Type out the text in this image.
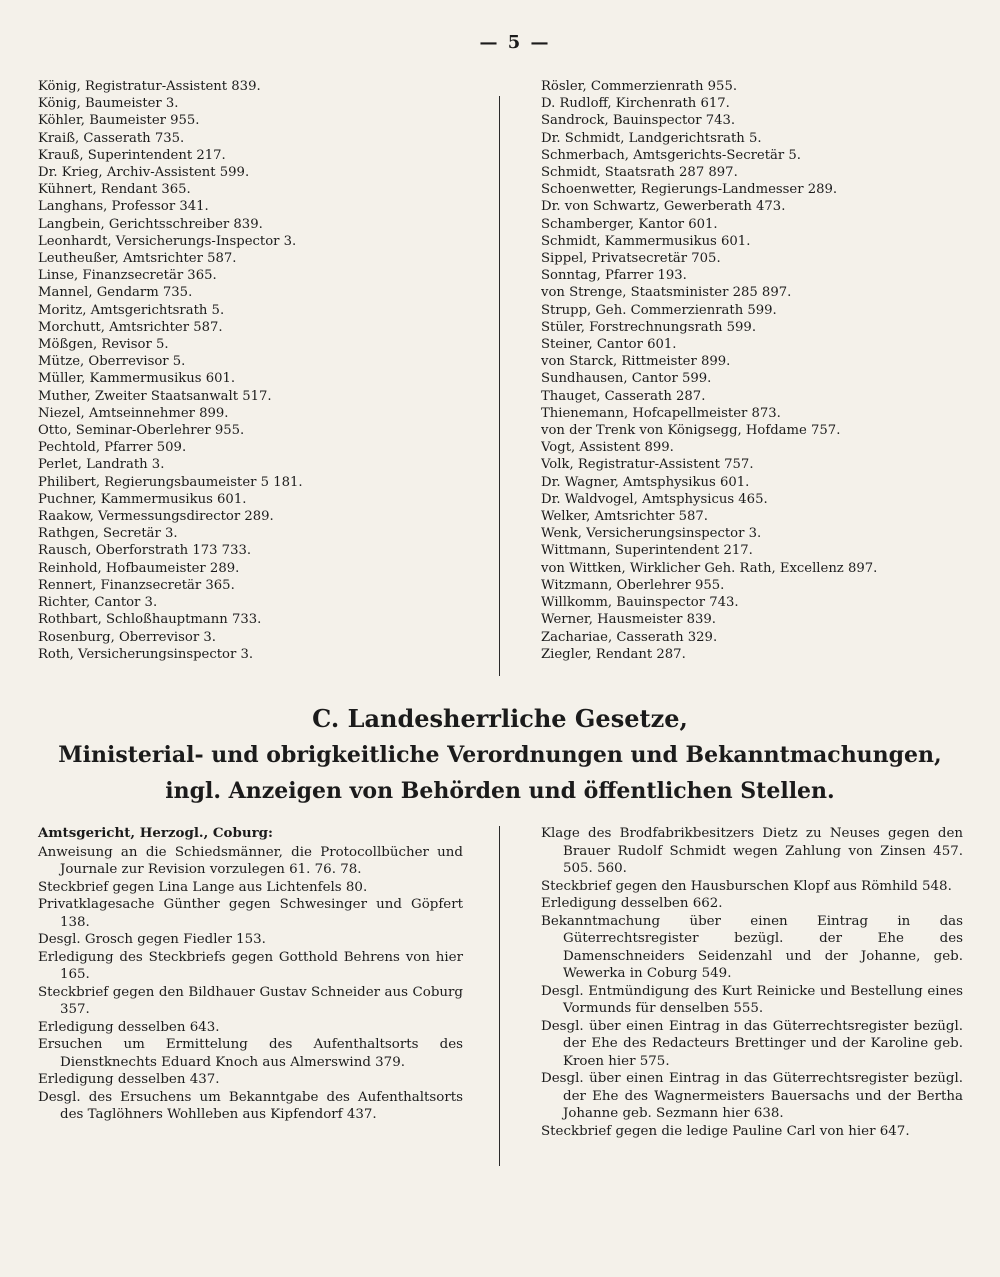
— 5 —
König, Registratur-Assistent 839.
König, Baumeister 3.
Köhler, Baumeister 955.
Kraiß, Casserath 735.
Krauß, Superintendent 217.
Dr. Krieg, Archiv-Assistent 599.
Kühnert, Rendant 365.
Langhans, Professor 341.
Langbein, Gerichtsschreiber 839.
Leonhardt, Versicherungs-Inspector 3.
Leutheußer, Amtsrichter 587.
Linse, Finanzsecretär 365.
Mannel, Gendarm 735.
Moritz, Amtsgerichtsrath 5.
Morchutt, Amtsrichter 587.
Mößgen, Revisor 5.
Mütze, Oberrevisor 5.
Müller, Kammermusikus 601.
Muther, Zweiter Staatsanwalt 517.
Niezel, Amtseinnehmer 899.
Otto, Seminar-Oberlehrer 955.
Pechtold, Pfarrer 509.
Perlet, Landrath 3.
Philibert, Regierungsbaumeister 5 181.
Puchner, Kammermusikus 601.
Raakow, Vermessungsdirector 289.
Rathgen, Secretär 3.
Rausch, Oberforstrath 173 733.
Reinhold, Hofbaumeister 289.
Rennert, Finanzsecretär 365.
Richter, Cantor 3.
Rothbart, Schloßhauptmann 733.
Rosenburg, Oberrevisor 3.
Roth, Versicherungsinspector 3.
Rösler, Commerzienrath 955.
D. Rudloff, Kirchenrath 617.
Sandrock, Bauinspector 743.
Dr. Schmidt, Landgerichtsrath 5.
Schmerbach, Amtsgerichts-Secretär 5.
Schmidt, Staatsrath 287 897.
Schoenwetter, Regierungs-Landmesser 289.
Dr. von Schwartz, Gewerberath 473.
Schamberger, Kantor 601.
Schmidt, Kammermusikus 601.
Sippel, Privatsecretär 705.
Sonntag, Pfarrer 193.
von Strenge, Staatsminister 285 897.
Strupp, Geh. Commerzienrath 599.
Stüler, Forstrechnungsrath 599.
Steiner, Cantor 601.
von Starck, Rittmeister 899.
Sundhausen, Cantor 599.
Thauget, Casserath 287.
Thienemann, Hofcapellmeister 873.
von der Trenk von Königsegg, Hofdame 757.
Vogt, Assistent 899.
Volk, Registratur-Assistent 757.
Dr. Wagner, Amtsphysikus 601.
Dr. Waldvogel, Amtsphysicus 465.
Welker, Amtsrichter 587.
Wenk, Versicherungsinspector 3.
Wittmann, Superintendent 217.
von Wittken, Wirklicher Geh. Rath, Excellenz 897.
Witzmann, Oberlehrer 955.
Willkomm, Bauinspector 743.
Werner, Hausmeister 839.
Zachariae, Casserath 329.
Ziegler, Rendant 287.
C. Landesherrliche Gesetze,
Ministerial- und obrigkeitliche Verordnungen und Bekanntmachungen,
ingl. Anzeigen von Behörden und öffentlichen Stellen.
Amtsgericht, Herzogl., Coburg:
Anweisung an die Schiedsmänner, die Protocollbücher und Journale zur Revision vorzulegen 61. 76. 78.
Steckbrief gegen Lina Lange aus Lichtenfels 80.
Privatklagesache Günther gegen Schwesinger und Göpfert 138.
Desgl. Grosch gegen Fiedler 153.
Erledigung des Steckbriefs gegen Gotthold Behrens von hier 165.
Steckbrief gegen den Bildhauer Gustav Schneider aus Coburg 357.
Erledigung desselben 643.
Ersuchen um Ermittelung des Aufenthaltsorts des Dienstknechts Eduard Knoch aus Almerswind 379.
Erledigung desselben 437.
Desgl. des Ersuchens um Bekanntgabe des Aufenthaltsorts des Taglöhners Wohlleben aus Kipfendorf 437.
Klage des Brodfabrikbesitzers Dietz zu Neuses gegen den Brauer Rudolf Schmidt wegen Zahlung von Zinsen 457. 505. 560.
Steckbrief gegen den Hausburschen Klopf aus Römhild 548.
Erledigung desselben 662.
Bekanntmachung über einen Eintrag in das Güterrechtsregister bezügl. der Ehe des Damenschneiders Seidenzahl und der Johanne, geb. Wewerka in Coburg 549.
Desgl. Entmündigung des Kurt Reinicke und Bestellung eines Vormunds für denselben 555.
Desgl. über einen Eintrag in das Güterrechtsregister bezügl. der Ehe des Redacteurs Brettinger und der Karoline geb. Kroen hier 575.
Desgl. über einen Eintrag in das Güterrechtsregister bezügl. der Ehe des Wagnermeisters Bauersachs und der Bertha Johanne geb. Sezmann hier 638.
Steckbrief gegen die ledige Pauline Carl von hier 647.
